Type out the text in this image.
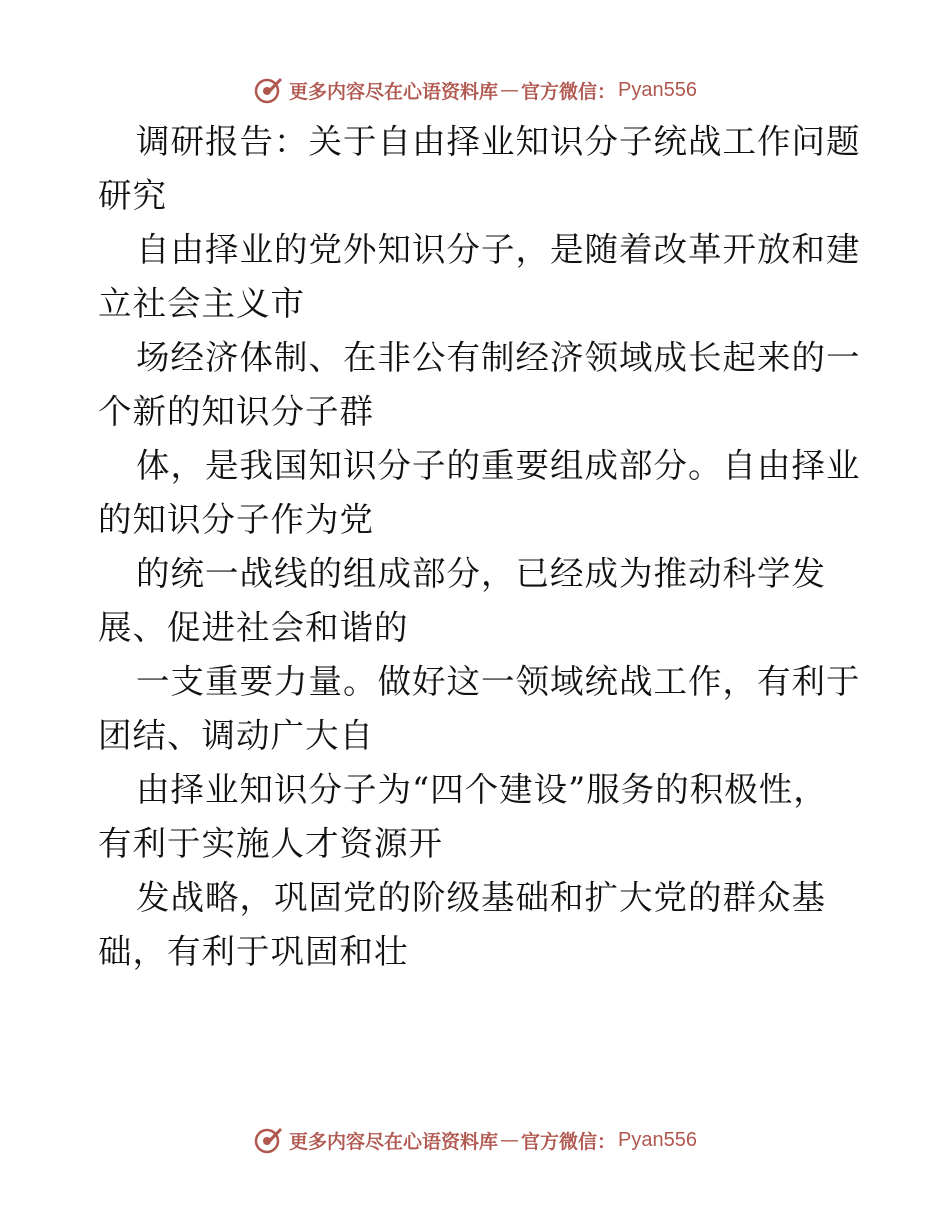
更多内容尽在心语资料库 — 官方微信： Pyan556
调研报告：关于自由择业知识分子统战工作问题
研究
自由择业的党外知识分子，是随着改革开放和建
立社会主义市
场经济体制、在非公有制经济领域成长起来的一
个新的知识分子群
体，是我国知识分子的重要组成部分。自由择业
的知识分子作为党
的统一战线的组成部分，已经成为推动科学发
展、促进社会和谐的
一支重要力量。做好这一领域统战工作，有利于
团结、调动广大自
由择业知识分子为“四个建设”服务的积极性，
有利于实施人才资源开
发战略，巩固党的阶级基础和扩大党的群众基
础，有利于巩固和壮
更多内容尽在心语资料库 — 官方微信： Pyan556
